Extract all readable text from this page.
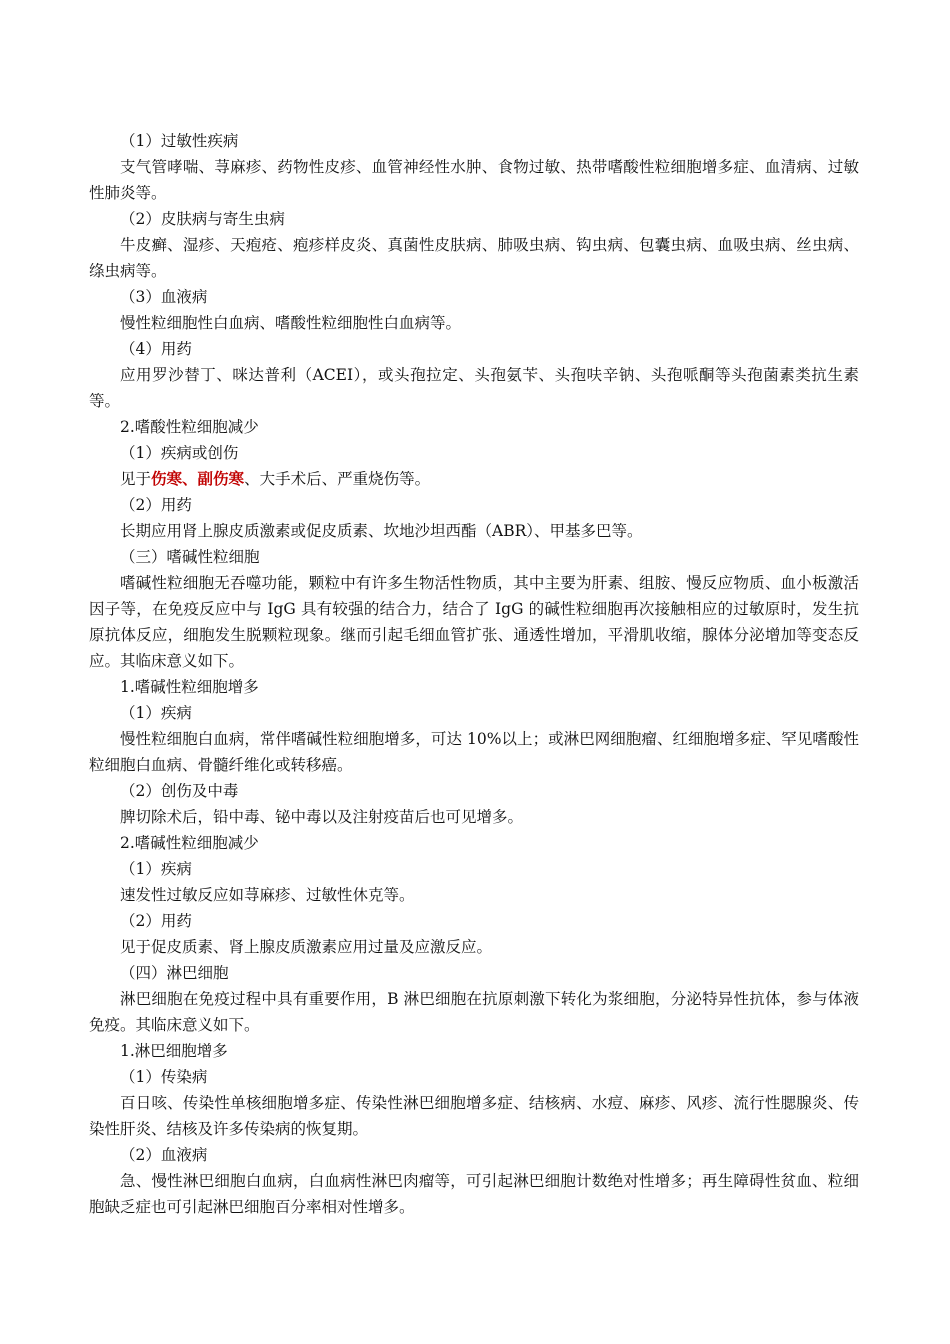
（1）过敏性疾病

支气管哮喘、荨麻疹、药物性皮疹、血管神经性水肿、食物过敏、热带嗜酸性粒细胞增多症、血清病、过敏性肺炎等。

（2）皮肤病与寄生虫病

牛皮癣、湿疹、天疱疮、疱疹样皮炎、真菌性皮肤病、肺吸虫病、钩虫病、包囊虫病、血吸虫病、丝虫病、绦虫病等。

（3）血液病

慢性粒细胞性白血病、嗜酸性粒细胞性白血病等。

（4）用药

应用罗沙替丁、咪达普利（ACEI），或头孢拉定、头孢氨苄、头孢呋辛钠、头孢哌酮等头孢菌素类抗生素等。

2.嗜酸性粒细胞减少

（1）疾病或创伤

见于伤寒、副伤寒、大手术后、严重烧伤等。

（2）用药

长期应用肾上腺皮质激素或促皮质素、坎地沙坦西酯（ABR）、甲基多巴等。

（三）嗜碱性粒细胞

嗜碱性粒细胞无吞噬功能，颗粒中有许多生物活性物质，其中主要为肝素、组胺、慢反应物质、血小板激活因子等，在免疫反应中与 IgG 具有较强的结合力，结合了 IgG 的碱性粒细胞再次接触相应的过敏原时，发生抗原抗体反应，细胞发生脱颗粒现象。继而引起毛细血管扩张、通透性增加，平滑肌收缩，腺体分泌增加等变态反应。其临床意义如下。

1.嗜碱性粒细胞增多

（1）疾病

慢性粒细胞白血病，常伴嗜碱性粒细胞增多，可达 10%以上；或淋巴网细胞瘤、红细胞增多症、罕见嗜酸性粒细胞白血病、骨髓纤维化或转移癌。

（2）创伤及中毒

脾切除术后，铅中毒、铋中毒以及注射疫苗后也可见增多。

2.嗜碱性粒细胞减少

（1）疾病

速发性过敏反应如荨麻疹、过敏性休克等。

（2）用药

见于促皮质素、肾上腺皮质激素应用过量及应激反应。

（四）淋巴细胞

淋巴细胞在免疫过程中具有重要作用，B 淋巴细胞在抗原刺激下转化为浆细胞，分泌特异性抗体，参与体液免疫。其临床意义如下。

1.淋巴细胞增多

（1）传染病

百日咳、传染性单核细胞增多症、传染性淋巴细胞增多症、结核病、水痘、麻疹、风疹、流行性腮腺炎、传染性肝炎、结核及许多传染病的恢复期。

（2）血液病

急、慢性淋巴细胞白血病，白血病性淋巴肉瘤等，可引起淋巴细胞计数绝对性增多；再生障碍性贫血、粒细胞缺乏症也可引起淋巴细胞百分率相对性增多。
